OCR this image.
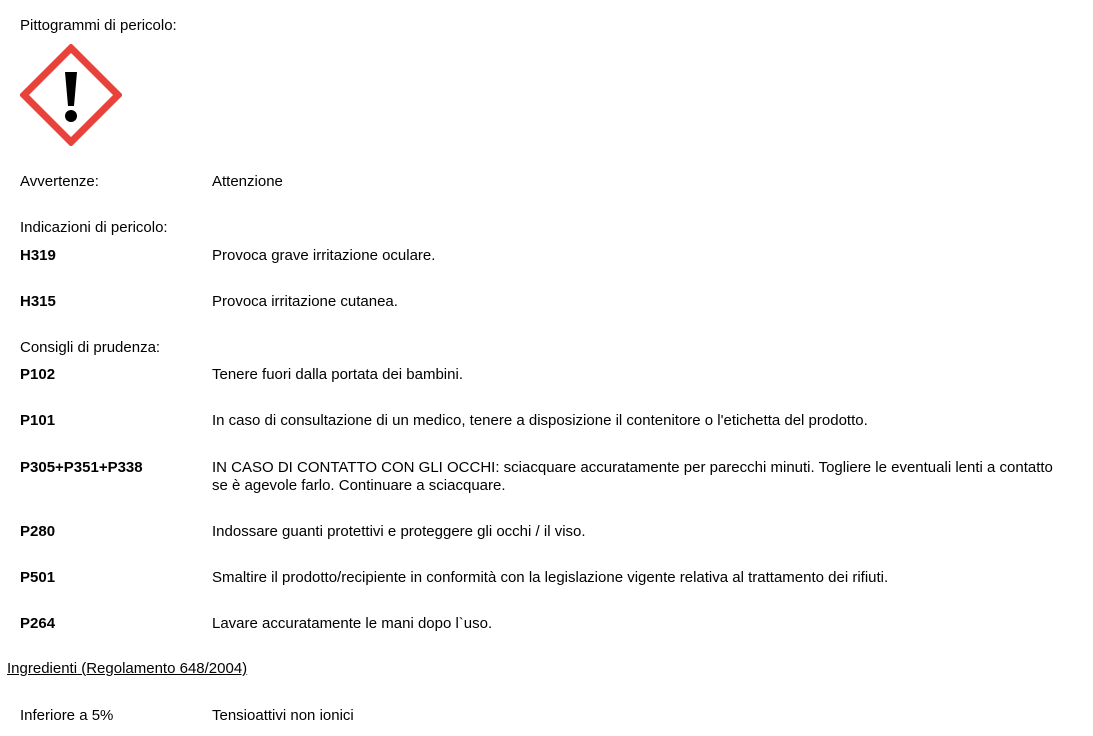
Pittogrammi di pericolo:
Avvertenze:	Attenzione
Indicazioni di pericolo:
H319	Provoca grave irritazione oculare.
H315	Provoca irritazione cutanea.
Consigli di prudenza:
P102	Tenere fuori dalla portata dei bambini.
P101	In caso di consultazione di un medico, tenere a disposizione il contenitore o l'etichetta del prodotto.
P305+P351+P338	IN CASO DI CONTATTO CON GLI OCCHI: sciacquare accuratamente per parecchi minuti. Togliere le eventuali lenti a contatto se è agevole farlo. Continuare a sciacquare.
P280	Indossare guanti protettivi e proteggere gli occhi / il viso.
P501	Smaltire il prodotto/recipiente in conformità con la legislazione vigente relativa al trattamento dei rifiuti.
P264	Lavare accuratamente le mani dopo l`uso.
Ingredienti (Regolamento 648/2004)
Inferiore a 5%	Tensioattivi non ionici
